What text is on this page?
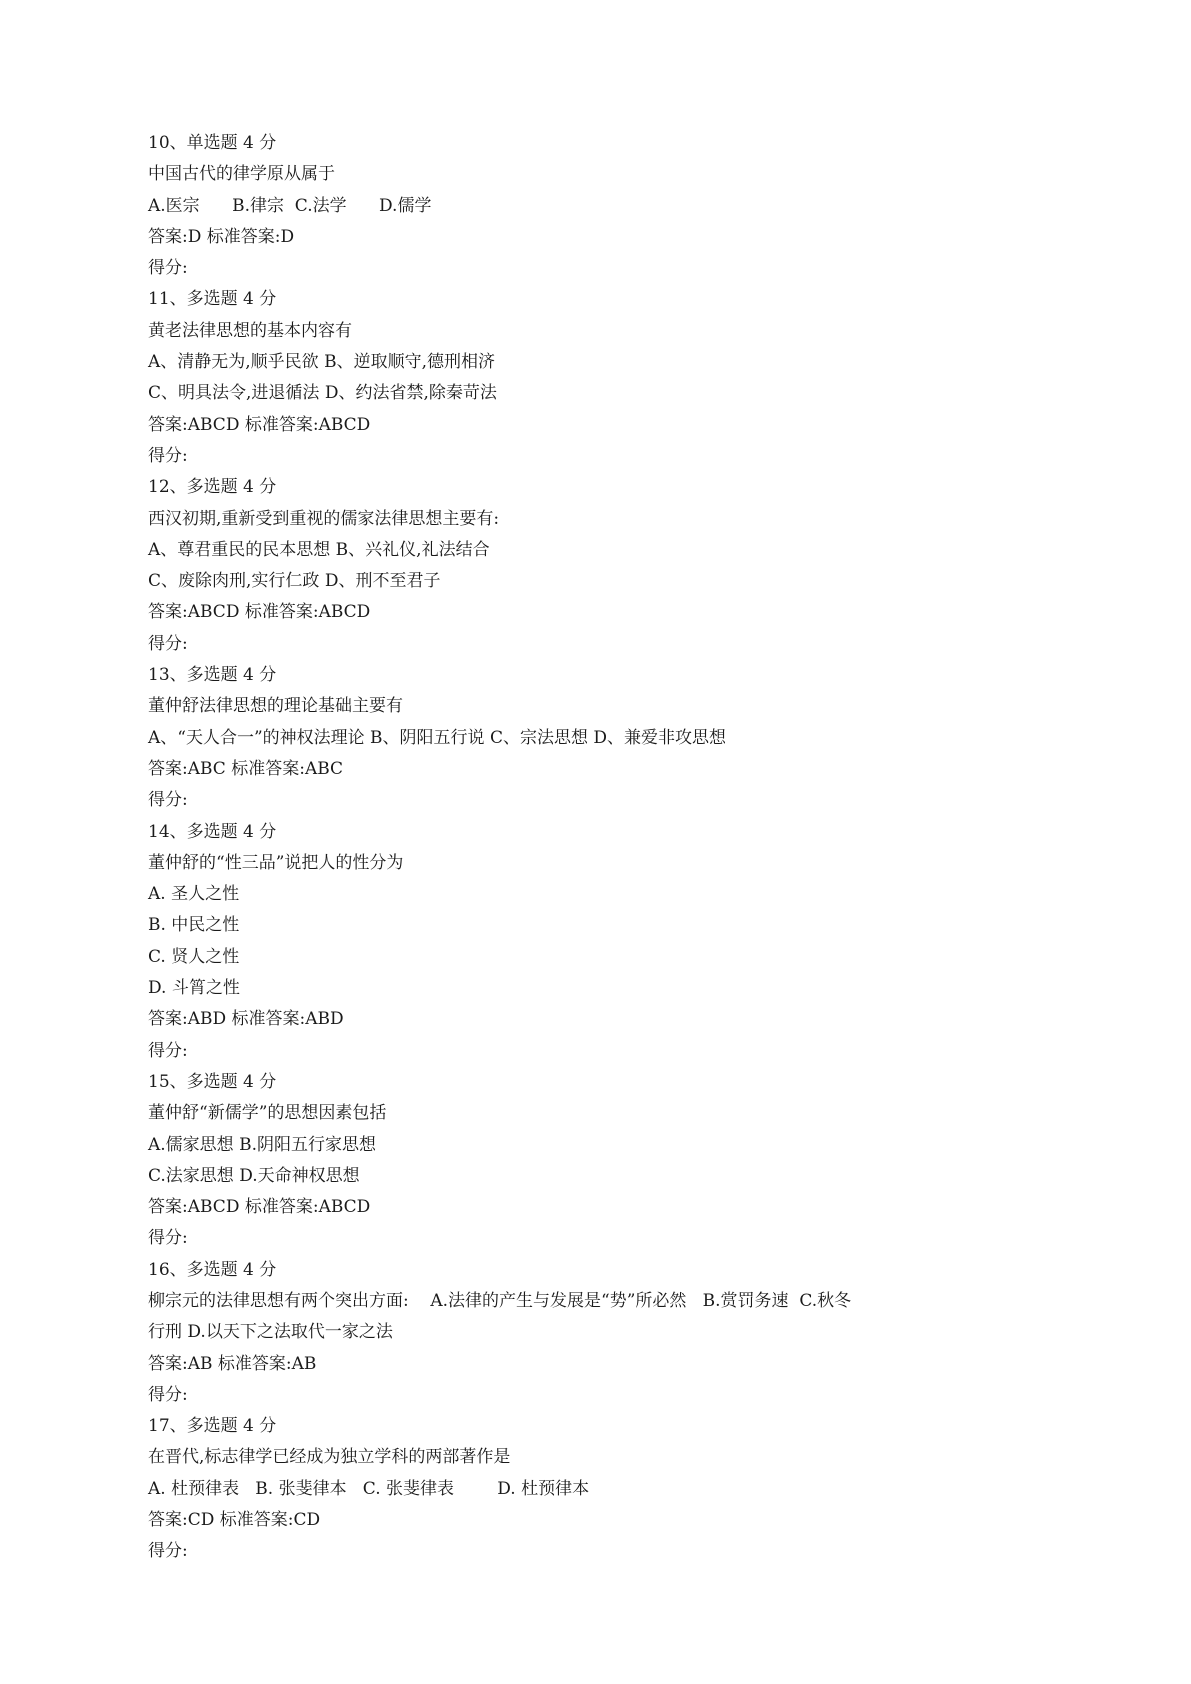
10、单选题 4 分

中国古代的律学原从属于

A.医宗      B.律宗  C.法学      D.儒学

答案:D 标准答案:D

得分:

11、多选题 4 分

黄老法律思想的基本内容有

A、清静无为,顺乎民欲 B、逆取顺守,德刑相济

C、明具法令,进退循法 D、约法省禁,除秦苛法

答案:ABCD 标准答案:ABCD

得分:

12、多选题 4 分

西汉初期,重新受到重视的儒家法律思想主要有:

A、尊君重民的民本思想 B、兴礼仪,礼法结合

C、废除肉刑,实行仁政 D、刑不至君子

答案:ABCD 标准答案:ABCD

得分:

13、多选题 4 分

董仲舒法律思想的理论基础主要有

A、“天人合一”的神权法理论 B、阴阳五行说 C、宗法思想 D、兼爱非攻思想

答案:ABC 标准答案:ABC

得分:

14、多选题 4 分

董仲舒的“性三品”说把人的性分为

A. 圣人之性

B. 中民之性

C. 贤人之性

D. 斗筲之性

答案:ABD 标准答案:ABD

得分:

15、多选题 4 分

董仲舒“新儒学”的思想因素包括

A.儒家思想 B.阴阳五行家思想

C.法家思想 D.天命神权思想

答案:ABCD 标准答案:ABCD

得分:

16、多选题 4 分

柳宗元的法律思想有两个突出方面:    A.法律的产生与发展是“势”所必然   B.赏罚务速  C.秋冬

行刑 D.以天下之法取代一家之法

答案:AB 标准答案:AB

得分:

17、多选题 4 分

在晋代,标志律学已经成为独立学科的两部著作是

A. 杜预律表   B. 张斐律本   C. 张斐律表        D. 杜预律本

答案:CD 标准答案:CD

得分:
